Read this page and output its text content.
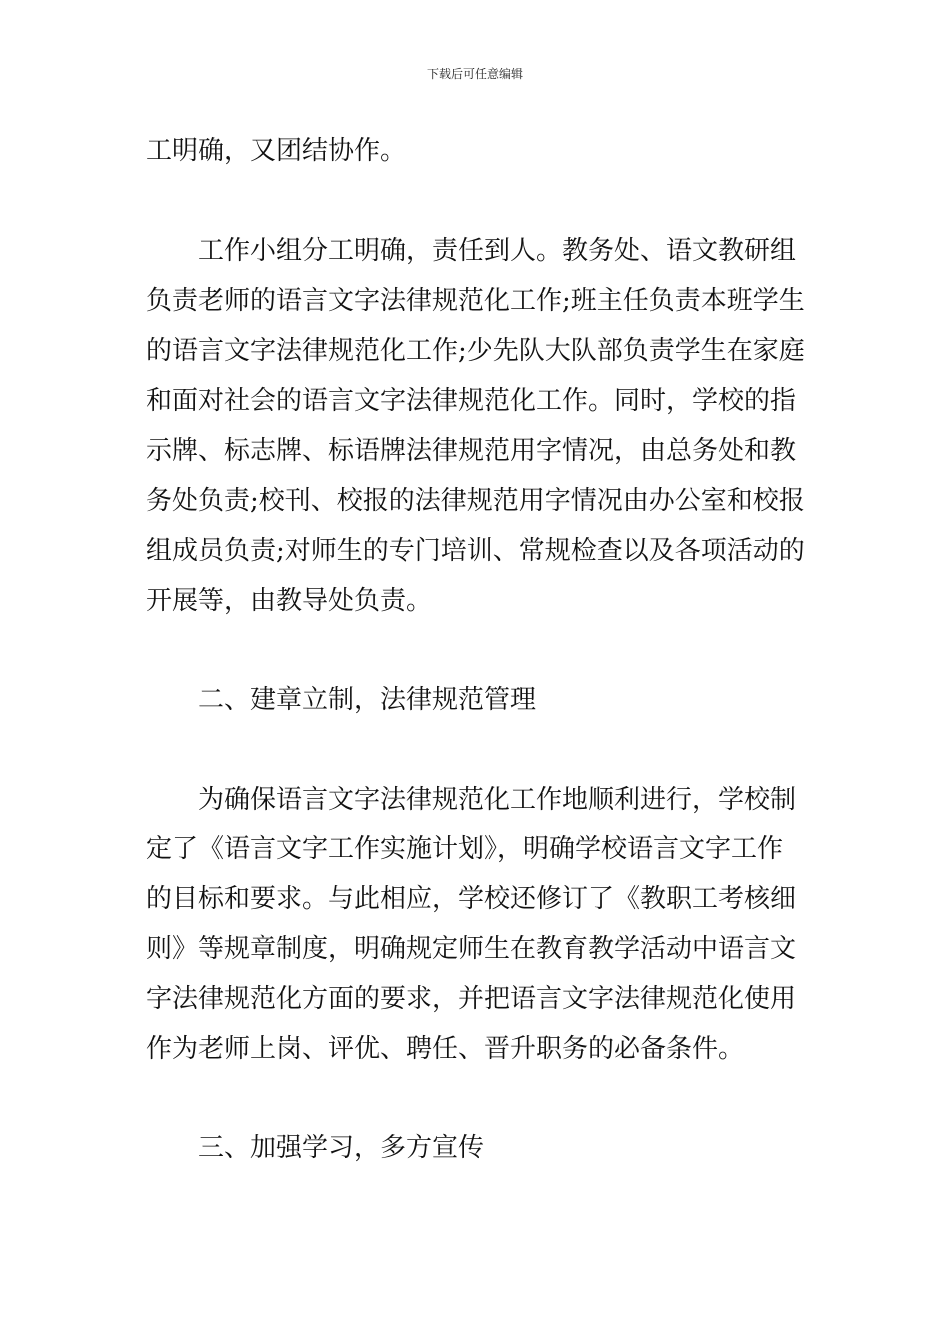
下载后可任意编辑
工明确，又团结协作。
工作小组分工明确，责任到人。教务处、语文教研组
负责老师的语言文字法律规范化工作;班主任负责本班学生
的语言文字法律规范化工作;少先队大队部负责学生在家庭
和面对社会的语言文字法律规范化工作。同时，学校的指
示牌、标志牌、标语牌法律规范用字情况，由总务处和教
务处负责;校刊、校报的法律规范用字情况由办公室和校报
组成员负责;对师生的专门培训、常规检查以及各项活动的
开展等，由教导处负责。
二、建章立制，法律规范管理
为确保语言文字法律规范化工作地顺利进行，学校制
定了《语言文字工作实施计划》，明确学校语言文字工作
的目标和要求。与此相应，学校还修订了《教职工考核细
则》等规章制度，明确规定师生在教育教学活动中语言文
字法律规范化方面的要求，并把语言文字法律规范化使用
作为老师上岗、评优、聘任、晋升职务的必备条件。
三、加强学习，多方宣传
